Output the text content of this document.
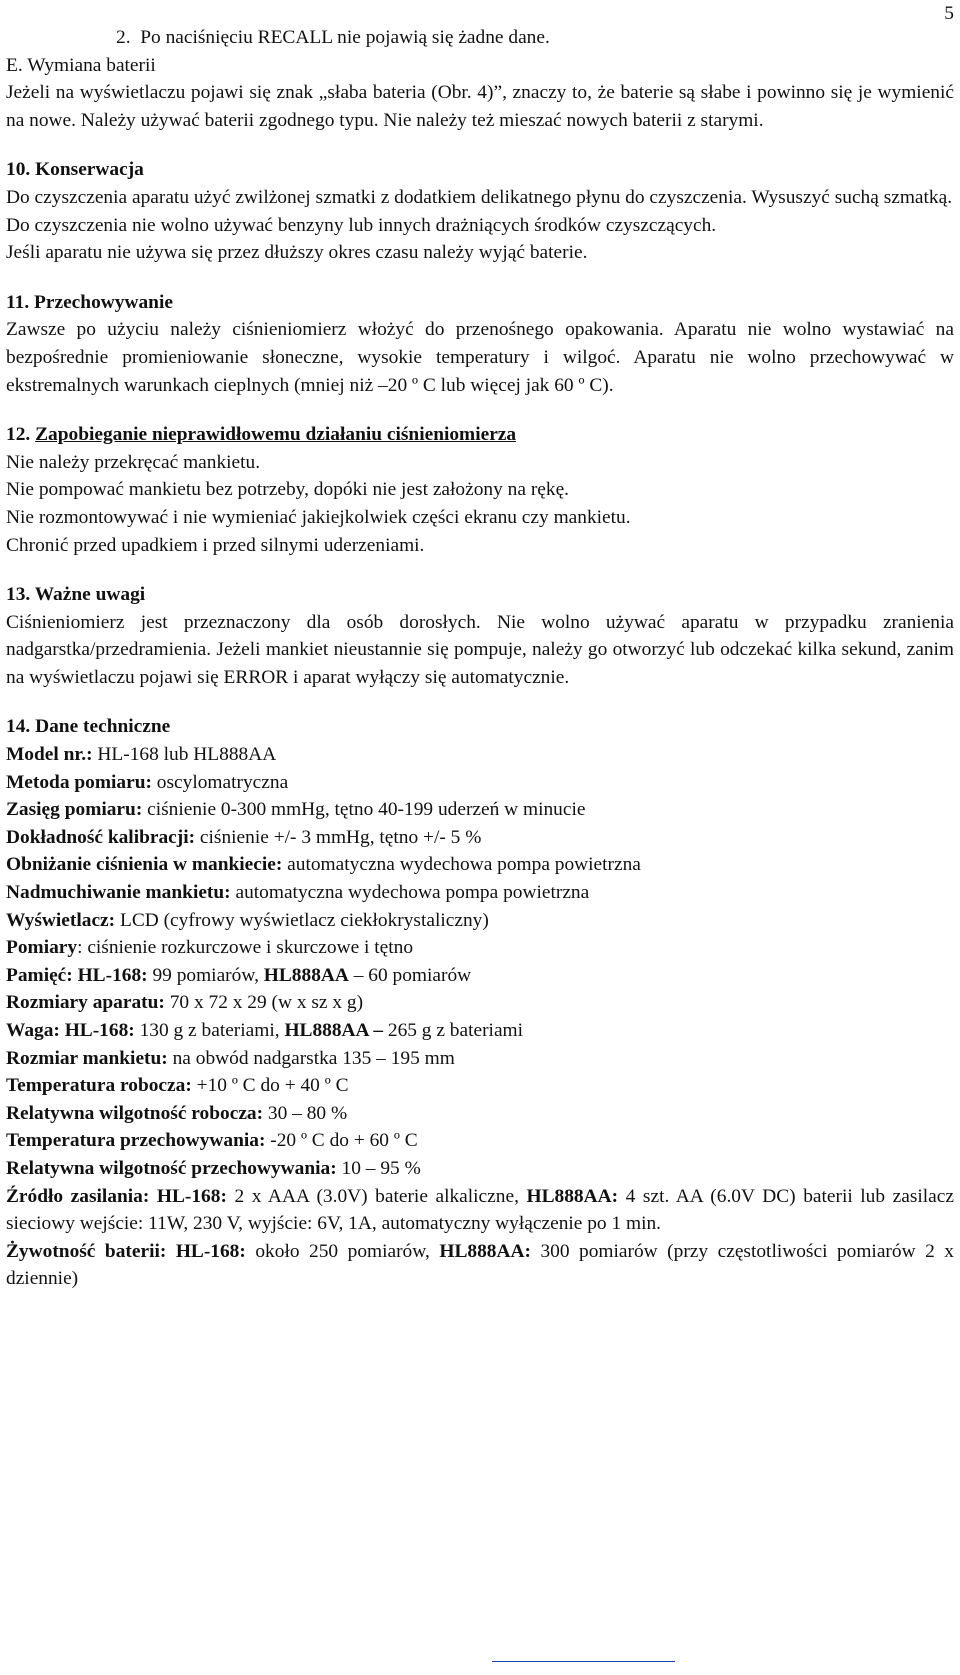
5

2.  Po naciśnięciu RECALL nie pojawią się żadne dane.

E. Wymiana baterii

Jeżeli na wyświetlaczu pojawi się znak „słaba bateria (Obr. 4)”, znaczy to, że baterie są słabe i powinno się je wymienić na nowe. Należy używać baterii zgodnego typu. Nie należy też mieszać nowych baterii z starymi.

10. Konserwacja

Do czyszczenia aparatu użyć zwilżonej szmatki z dodatkiem delikatnego płynu do czyszczenia. Wysuszyć suchą szmatką.

Do czyszczenia nie wolno używać benzyny lub innych drażniących środków czyszczących.

Jeśli aparatu nie używa się przez dłuższy okres czasu należy wyjąć baterie.

11. Przechowywanie

Zawsze po użyciu należy ciśnieniomierz włożyć do przenośnego opakowania. Aparatu nie wolno wystawiać na bezpośrednie promieniowanie słoneczne, wysokie temperatury i wilgoć. Aparatu nie wolno przechowywać w ekstremalnych warunkach cieplnych (mniej niż –20 º C lub więcej jak 60 º C).

12. Zapobieganie nieprawidłowemu działaniu ciśnieniomierza

Nie należy przekręcać mankietu.

Nie pompować mankietu bez potrzeby, dopóki nie jest założony na rękę.

Nie rozmontowywać i nie wymieniać jakiejkolwiek części ekranu czy mankietu.

Chronić przed upadkiem i przed silnymi uderzeniami.

13. Ważne uwagi

Ciśnieniomierz jest przeznaczony dla osób dorosłych. Nie wolno używać aparatu w przypadku zranienia nadgarstka/przedramienia. Jeżeli mankiet nieustannie się pompuje, należy go otworzyć lub odczekać kilka sekund, zanim na wyświetlaczu pojawi się ERROR i aparat wyłączy się automatycznie.

14. Dane techniczne

Model nr.: HL-168 lub HL888AA

Metoda pomiaru: oscylomatryczna

Zasięg pomiaru: ciśnienie 0-300 mmHg, tętno 40-199 uderzeń w minucie

Dokładność kalibracji: ciśnienie +/- 3 mmHg, tętno +/- 5 %

Obniżanie ciśnienia w mankiecie: automatyczna wydechowa pompa powietrzna

Nadmuchiwanie mankietu: automatyczna wydechowa pompa powietrzna

Wyświetlacz: LCD (cyfrowy wyświetlacz ciekłokrystaliczny)

Pomiary: ciśnienie rozkurczowe i skurczowe i tętno

Pamięć: HL-168: 99 pomiarów, HL888AA – 60 pomiarów

Rozmiary aparatu: 70 x 72 x 29 (w x sz x g)

Waga: HL-168: 130 g z bateriami, HL888AA – 265 g z bateriami

Rozmiar mankietu: na obwód nadgarstka 135 – 195 mm

Temperatura robocza: +10 º C do + 40 º C

Relatywna wilgotność robocza: 30 – 80 %

Temperatura przechowywania: -20 º C do + 60 º C

Relatywna wilgotność przechowywania: 10 – 95 %

Źródło zasilania: HL-168: 2 x AAA (3.0V) baterie alkaliczne, HL888AA: 4 szt. AA (6.0V DC) baterii lub zasilacz sieciowy wejście: 11W, 230 V, wyjście: 6V, 1A, automatyczny wyłączenie po 1 min.

Żywotność baterii: HL-168: około 250 pomiarów, HL888AA: 300 pomiarów (przy częstotliwości pomiarów 2 x dziennie)
